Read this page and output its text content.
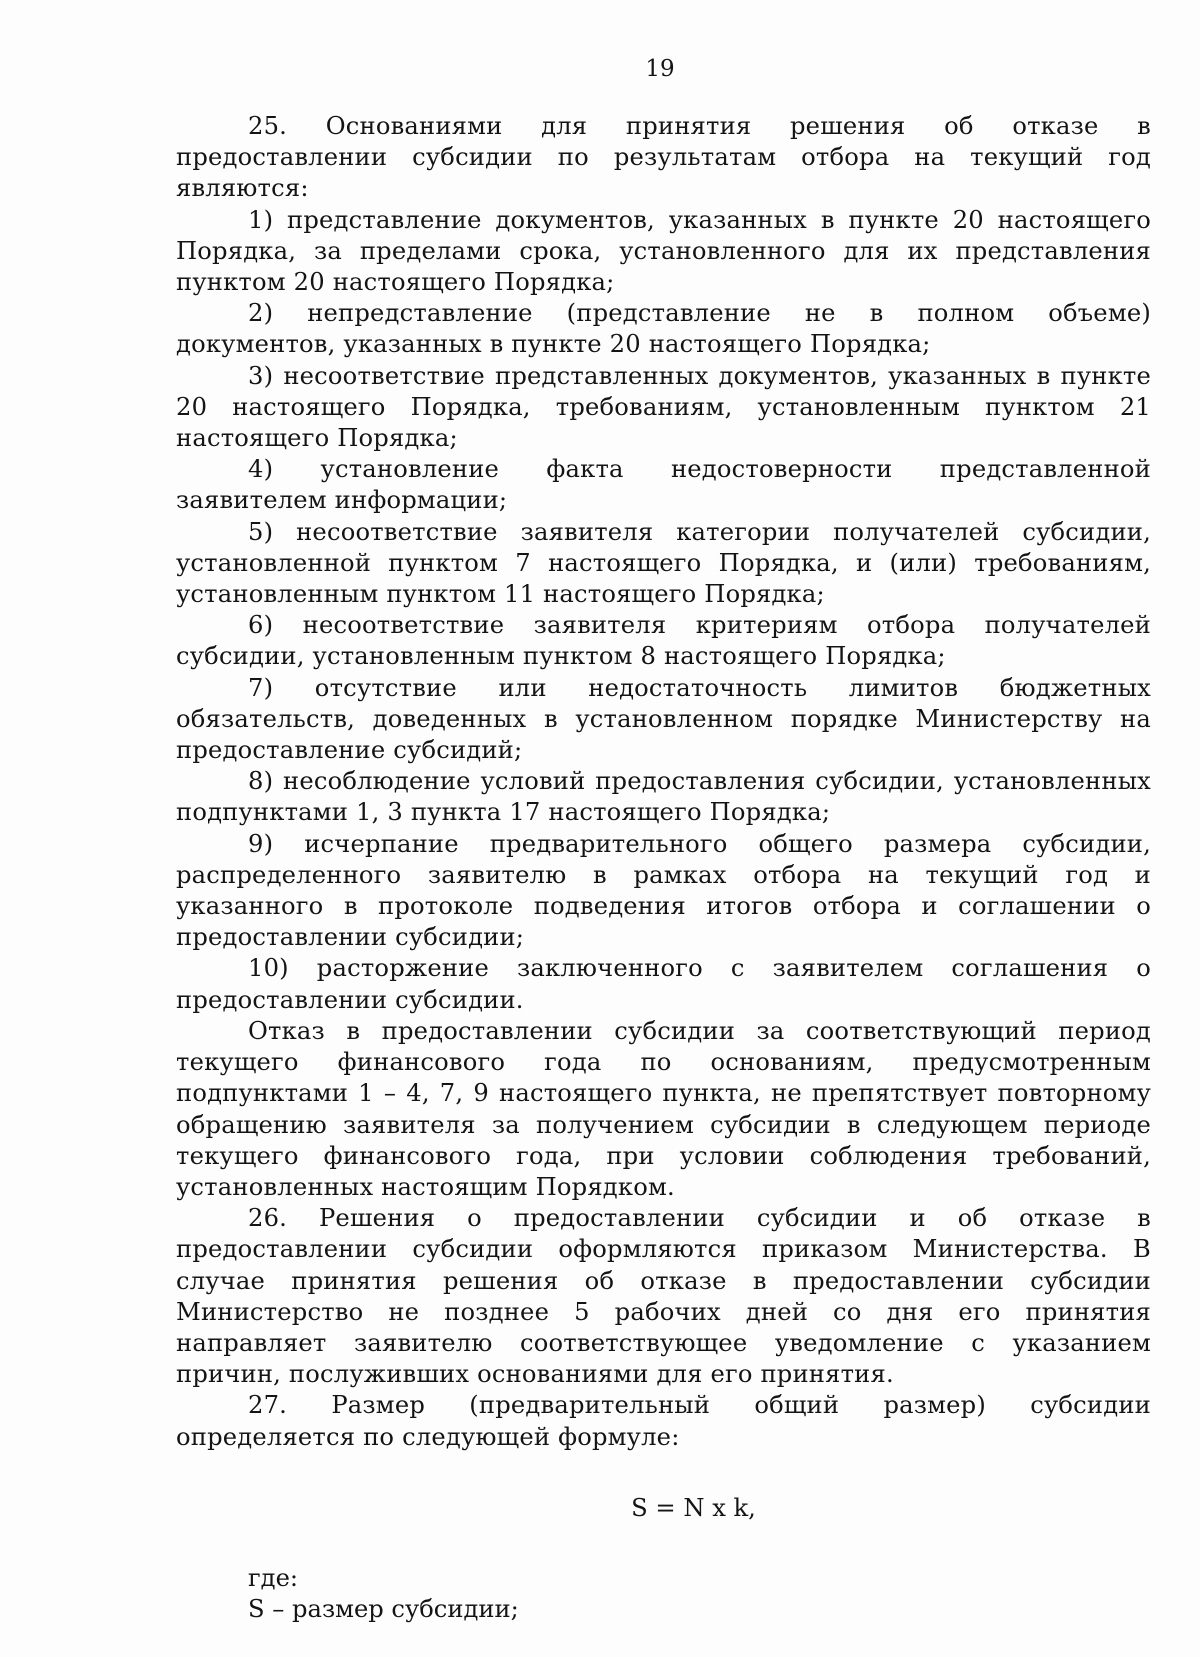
19

25. Основаниями для принятия решения об отказе в предоставлении субсидии по результатам отбора на текущий год являются:

1) представление документов, указанных в пункте 20 настоящего Порядка, за пределами срока, установленного для их представления пунктом 20 настоящего Порядка;

2) непредставление (представление не в полном объеме) документов, указанных в пункте 20 настоящего Порядка;

3) несоответствие представленных документов, указанных в пункте 20 настоящего Порядка, требованиям, установленным пунктом 21 настоящего Порядка;

4) установление факта недостоверности представленной заявителем информации;

5) несоответствие заявителя категории получателей субсидии, установленной пунктом 7 настоящего Порядка, и (или) требованиям, установленным пунктом 11 настоящего Порядка;

6) несоответствие заявителя критериям отбора получателей субсидии, установленным пунктом 8 настоящего Порядка;

7) отсутствие или недостаточность лимитов бюджетных обязательств, доведенных в установленном порядке Министерству на предоставление субсидий;

8) несоблюдение условий предоставления субсидии, установленных подпунктами 1, 3 пункта 17 настоящего Порядка;

9) исчерпание предварительного общего размера субсидии, распределенного заявителю в рамках отбора на текущий год и указанного в протоколе подведения итогов отбора и соглашении о предоставлении субсидии;

10) расторжение заключенного с заявителем соглашения о предоставлении субсидии.

Отказ в предоставлении субсидии за соответствующий период текущего финансового года по основаниям, предусмотренным подпунктами 1 – 4, 7, 9 настоящего пункта, не препятствует повторному обращению заявителя за получением субсидии в следующем периоде текущего финансового года, при условии соблюдения требований, установленных настоящим Порядком.

26. Решения о предоставлении субсидии и об отказе в предоставлении субсидии оформляются приказом Министерства. В случае принятия решения об отказе в предоставлении субсидии Министерство не позднее 5 рабочих дней со дня его принятия направляет заявителю соответствующее уведомление с указанием причин, послуживших основаниями для его принятия.

27. Размер (предварительный общий размер) субсидии определяется по следующей формуле:

S = N x k,

где:

S – размер субсидии;
